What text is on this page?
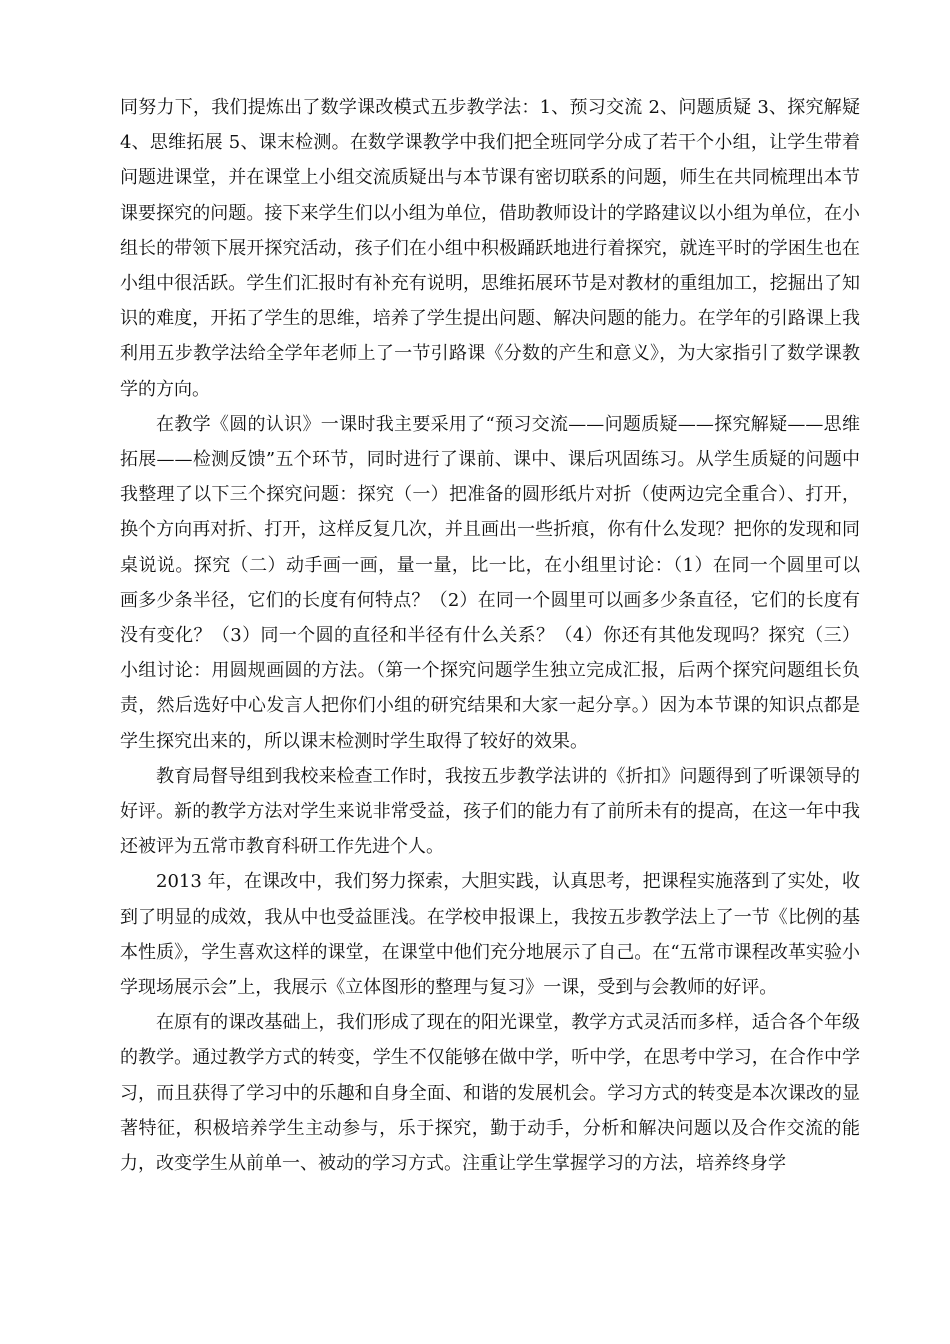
同努力下，我们提炼出了数学课改模式五步教学法：1、预习交流 2、问题质疑 3、探究解疑 4、思维拓展 5、课末检测。在数学课教学中我们把全班同学分成了若干个小组，让学生带着问题进课堂，并在课堂上小组交流质疑出与本节课有密切联系的问题，师生在共同梳理出本节课要探究的问题。接下来学生们以小组为单位，借助教师设计的学路建议以小组为单位，在小组长的带领下展开探究活动，孩子们在小组中积极踊跃地进行着探究，就连平时的学困生也在小组中很活跃。学生们汇报时有补充有说明，思维拓展环节是对教材的重组加工，挖掘出了知识的难度，开拓了学生的思维，培养了学生提出问题、解决问题的能力。在学年的引路课上我利用五步教学法给全学年老师上了一节引路课《分数的产生和意义》，为大家指引了数学课教学的方向。

在教学《圆的认识》一课时我主要采用了“预习交流——问题质疑——探究解疑——思维拓展——检测反馈”五个环节，同时进行了课前、课中、课后巩固练习。从学生质疑的问题中我整理了以下三个探究问题：探究（一）把准备的圆形纸片对折（使两边完全重合）、打开，换个方向再对折、打开，这样反复几次，并且画出一些折痕，你有什么发现？把你的发现和同桌说说。探究（二）动手画一画，量一量，比一比，在小组里讨论：（1）在同一个圆里可以画多少条半径，它们的长度有何特点？（2）在同一个圆里可以画多少条直径，它们的长度有没有变化？（3）同一个圆的直径和半径有什么关系？（4）你还有其他发现吗？探究（三）小组讨论：用圆规画圆的方法。（第一个探究问题学生独立完成汇报，后两个探究问题组长负责，然后选好中心发言人把你们小组的研究结果和大家一起分享。）因为本节课的知识点都是学生探究出来的，所以课末检测时学生取得了较好的效果。

教育局督导组到我校来检查工作时，我按五步教学法讲的《折扣》问题得到了听课领导的好评。新的教学方法对学生来说非常受益，孩子们的能力有了前所未有的提高，在这一年中我还被评为五常市教育科研工作先进个人。

2013 年，在课改中，我们努力探索，大胆实践，认真思考，把课程实施落到了实处，收到了明显的成效，我从中也受益匪浅。在学校申报课上，我按五步教学法上了一节《比例的基本性质》，学生喜欢这样的课堂，在课堂中他们充分地展示了自己。在“五常市课程改革实验小学现场展示会”上，我展示《立体图形的整理与复习》一课，受到与会教师的好评。

在原有的课改基础上，我们形成了现在的阳光课堂，教学方式灵活而多样，适合各个年级的教学。通过教学方式的转变，学生不仅能够在做中学，听中学，在思考中学习，在合作中学习，而且获得了学习中的乐趣和自身全面、和谐的发展机会。学习方式的转变是本次课改的显著特征，积极培养学生主动参与，乐于探究，勤于动手，分析和解决问题以及合作交流的能力，改变学生从前单一、被动的学习方式。注重让学生掌握学习的方法，培养终身学
